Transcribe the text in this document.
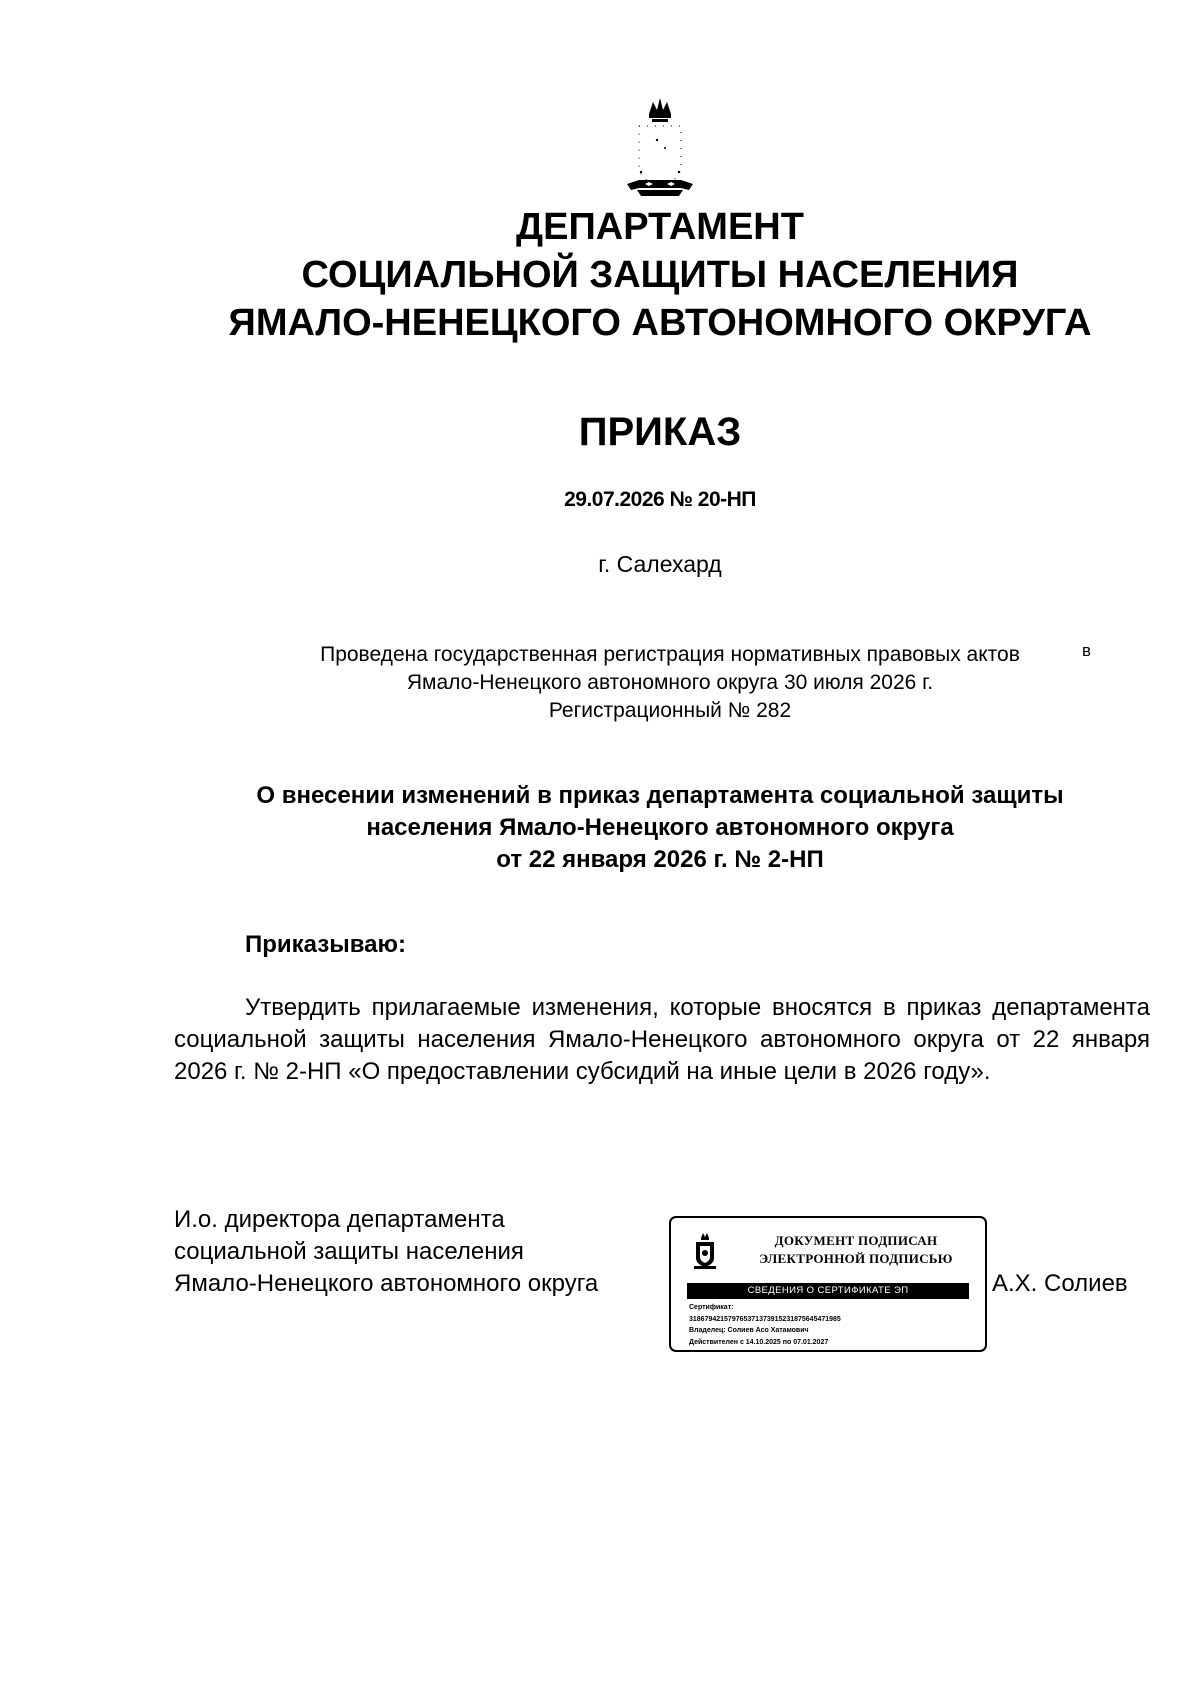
ДЕПАРТАМЕНТ
СОЦИАЛЬНОЙ ЗАЩИТЫ НАСЕЛЕНИЯ
ЯМАЛО-НЕНЕЦКОГО АВТОНОМНОГО ОКРУГА
ПРИКАЗ
29.07.2026 № 20-НП
г. Салехард
Проведена государственная регистрация нормативных правовых актов	в
Ямало-Ненецкого автономного округа 30 июля 2026 г.
Регистрационный № 282
О внесении изменений в приказ департамента социальной защиты
населения Ямало-Ненецкого автономного округа
от 22 января 2026 г. № 2-НП
Приказываю:
Утвердить прилагаемые изменения, которые вносятся в приказ департамента социальной защиты населения Ямало-Ненецкого автономного округа от 22 января 2026 г. № 2-НП «О предоставлении субсидий на иные цели в 2026 году».
И.о. директора департамента
социальной защиты населения
Ямало-Ненецкого автономного округа
ДОКУМЕНТ ПОДПИСАН
ЭЛЕКТРОННОЙ ПОДПИСЬЮ
СВЕДЕНИЯ О СЕРТИФИКАТЕ ЭП
Сертификат:
318679421579765371373915231875645471985
Владелец: Солиев Асо Хатамович
Действителен с 14.10.2025 по 07.01.2027
А.Х. Солиев
